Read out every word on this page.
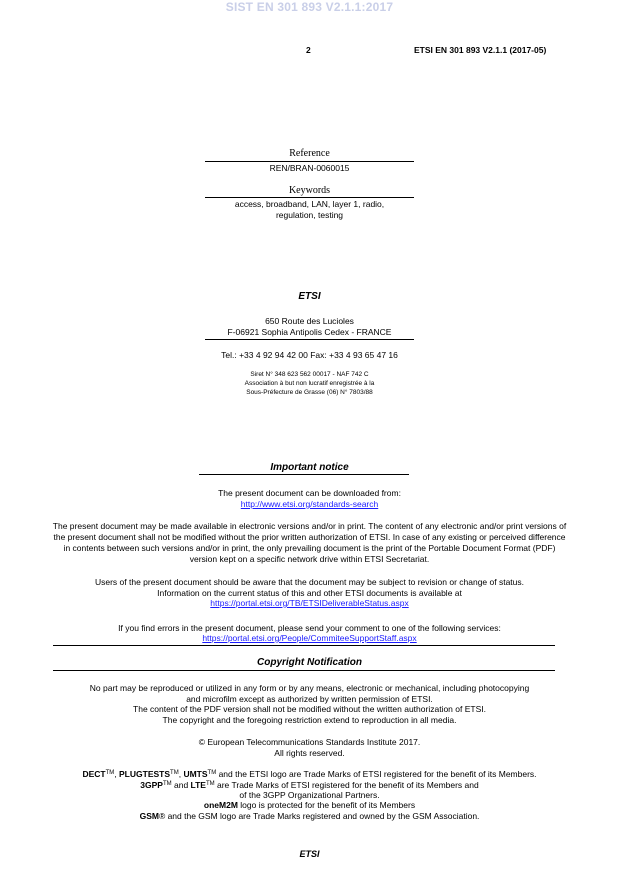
SIST EN 301 893 V2.1.1:2017
2	ETSI EN 301 893 V2.1.1 (2017-05)
Reference
REN/BRAN-0060015
Keywords
access, broadband, LAN, layer 1, radio,
regulation, testing
ETSI
650 Route des Lucioles
F-06921 Sophia Antipolis Cedex - FRANCE
Tel.: +33 4 92 94 42 00 Fax: +33 4 93 65 47 16
Siret N° 348 623 562 00017 - NAF 742 C
Association à but non lucratif enregistrée à la
Sous-Préfecture de Grasse (06) N° 7803/88
Important notice
The present document can be downloaded from:
http://www.etsi.org/standards-search
The present document may be made available in electronic versions and/or in print. The content of any electronic and/or print versions of the present document shall not be modified without the prior written authorization of ETSI. In case of any existing or perceived difference in contents between such versions and/or in print, the only prevailing document is the print of the Portable Document Format (PDF) version kept on a specific network drive within ETSI Secretariat.
Users of the present document should be aware that the document may be subject to revision or change of status.
Information on the current status of this and other ETSI documents is available at
https://portal.etsi.org/TB/ETSIDeliverableStatus.aspx
If you find errors in the present document, please send your comment to one of the following services:
https://portal.etsi.org/People/CommiteeSupportStaff.aspx
Copyright Notification
No part may be reproduced or utilized in any form or by any means, electronic or mechanical, including photocopying
and microfilm except as authorized by written permission of ETSI.
The content of the PDF version shall not be modified without the written authorization of ETSI.
The copyright and the foregoing restriction extend to reproduction in all media.
© European Telecommunications Standards Institute 2017.
All rights reserved.
DECT™, PLUGTESTS™, UMTS™ and the ETSI logo are Trade Marks of ETSI registered for the benefit of its Members.
3GPP™ and LTE™ are Trade Marks of ETSI registered for the benefit of its Members and
of the 3GPP Organizational Partners.
oneM2M logo is protected for the benefit of its Members
GSM® and the GSM logo are Trade Marks registered and owned by the GSM Association.
ETSI
